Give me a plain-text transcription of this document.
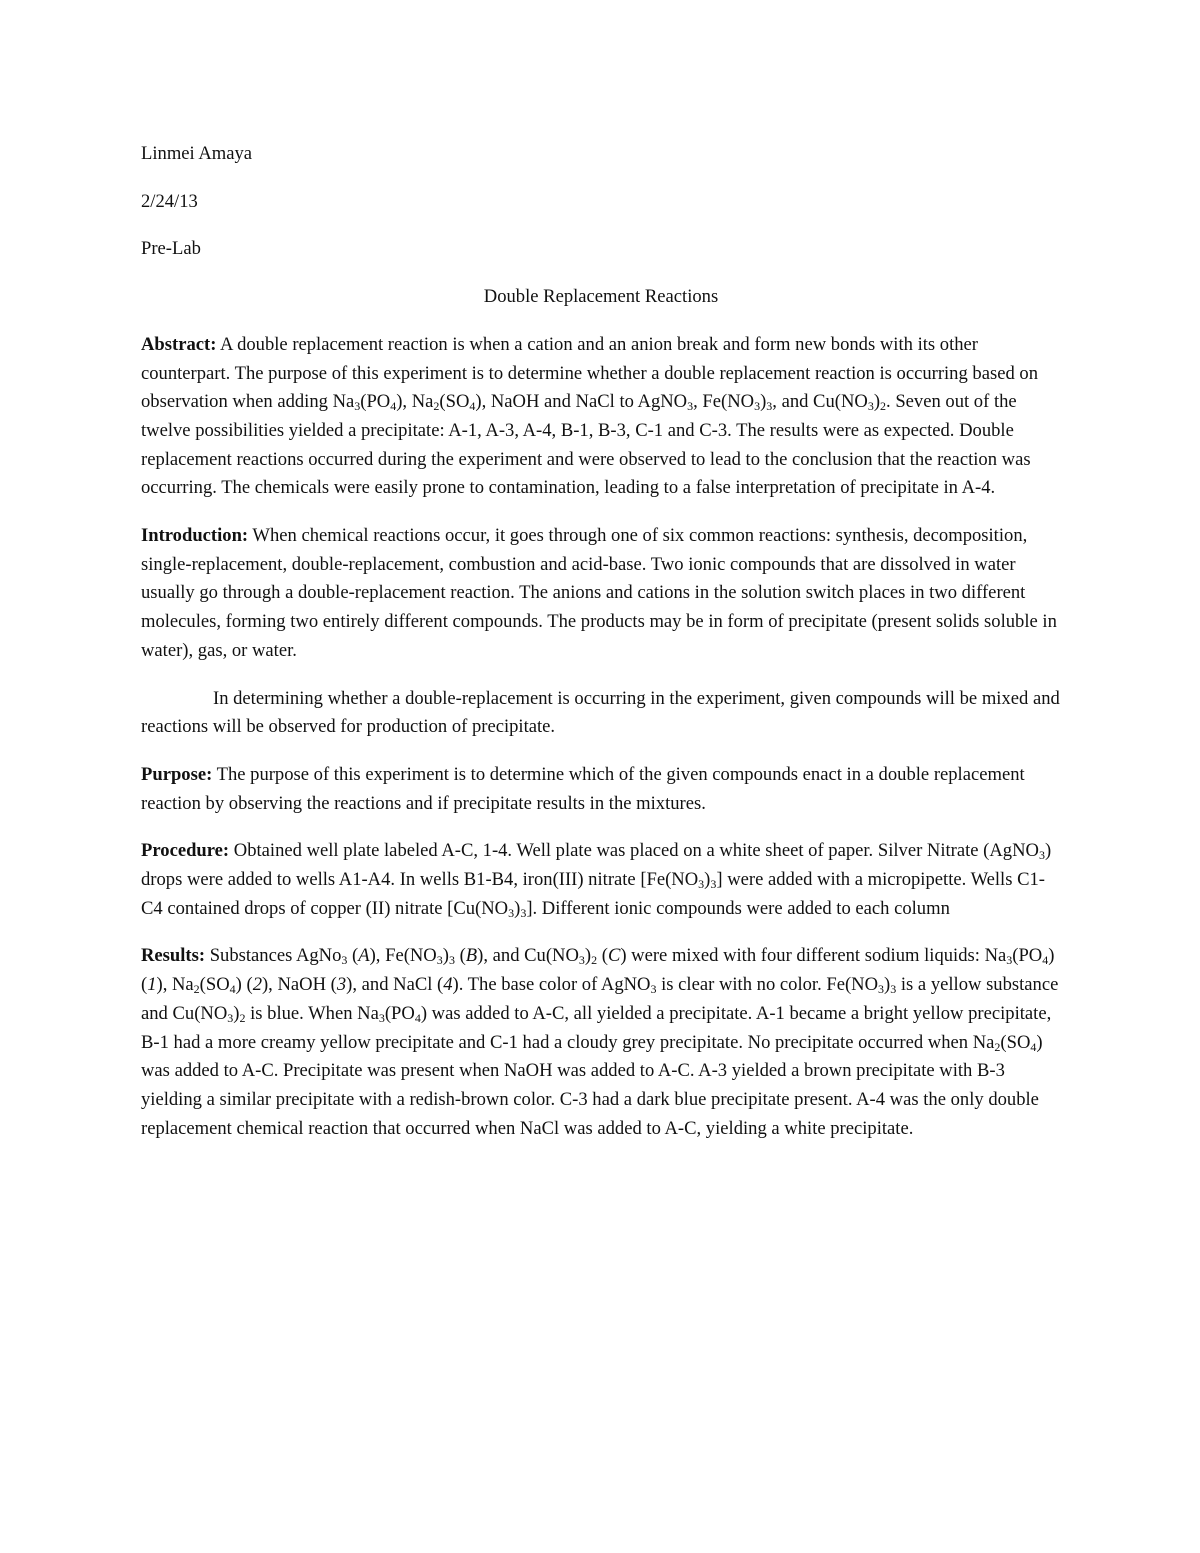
Linmei Amaya

2/24/13

Pre-Lab

Double Replacement Reactions

Abstract: A double replacement reaction is when a cation and an anion break and form new bonds with its other counterpart. The purpose of this experiment is to determine whether a double replacement reaction is occurring based on observation when adding $Na_3(PO_4)$, $Na_2(SO_4)$, NaOH and NaCl to AgNO$_3$, $Fe(NO_3)_3$, and $Cu(NO_3)_2$. Seven out of the twelve possibilities yielded a precipitate: A-1, A-3, A-4, B-1, B-3, C-1 and C-3. The results were as expected. Double replacement reactions occurred during the experiment and were observed to lead to the conclusion that the reaction was occurring. The chemicals were easily prone to contamination, leading to a false interpretation of precipitate in A-4.

Introduction: When chemical reactions occur, it goes through one of six common reactions: synthesis, decomposition, single-replacement, double-replacement, combustion and acid-base. Two ionic compounds that are dissolved in water usually go through a double-replacement reaction. The anions and cations in the solution switch places in two different molecules, forming two entirely different compounds. The products may be in form of precipitate (present solids soluble in water), gas, or water.

In determining whether a double-replacement is occurring in the experiment, given compounds will be mixed and reactions will be observed for production of precipitate.

Purpose: The purpose of this experiment is to determine which of the given compounds enact in a double replacement reaction by observing the reactions and if precipitate results in the mixtures.

Procedure: Obtained well plate labeled A-C, 1-4. Well plate was placed on a white sheet of paper. Silver Nitrate (AgNO$_3$) drops were added to wells A1-A4. In wells B1-B4, iron(III) nitrate $[Fe(NO_3)_3]$ were added with a micropipette. Wells C1-C4 contained drops of copper (II) nitrate $[Cu(NO_3)_3]$. Different ionic compounds were added to each column

Results: Substances AgNo$_3$ (A), $Fe(NO_3)_3$ (B), and $Cu(NO_3)_2$ (C) were mixed with four different sodium liquids: $Na_3(PO_4)$ (1), $Na_2(SO_4)$ (2), NaOH (3), and NaCl (4). The base color of AgNO$_3$ is clear with no color. $Fe(NO_3)_3$ is a yellow substance and $Cu(NO_3)_2$ is blue. When $Na_3(PO_4)$ was added to A-C, all yielded a precipitate. A-1 became a bright yellow precipitate, B-1 had a more creamy yellow precipitate and C-1 had a cloudy grey precipitate. No precipitate occurred when $Na_2(SO_4)$ was added to A-C. Precipitate was present when NaOH was added to A-C. A-3 yielded a brown precipitate with B-3 yielding a similar precipitate with a redish-brown color. C-3 had a dark blue precipitate present. A-4 was the only double replacement chemical reaction that occurred when NaCl was added to A-C, yielding a white precipitate.
